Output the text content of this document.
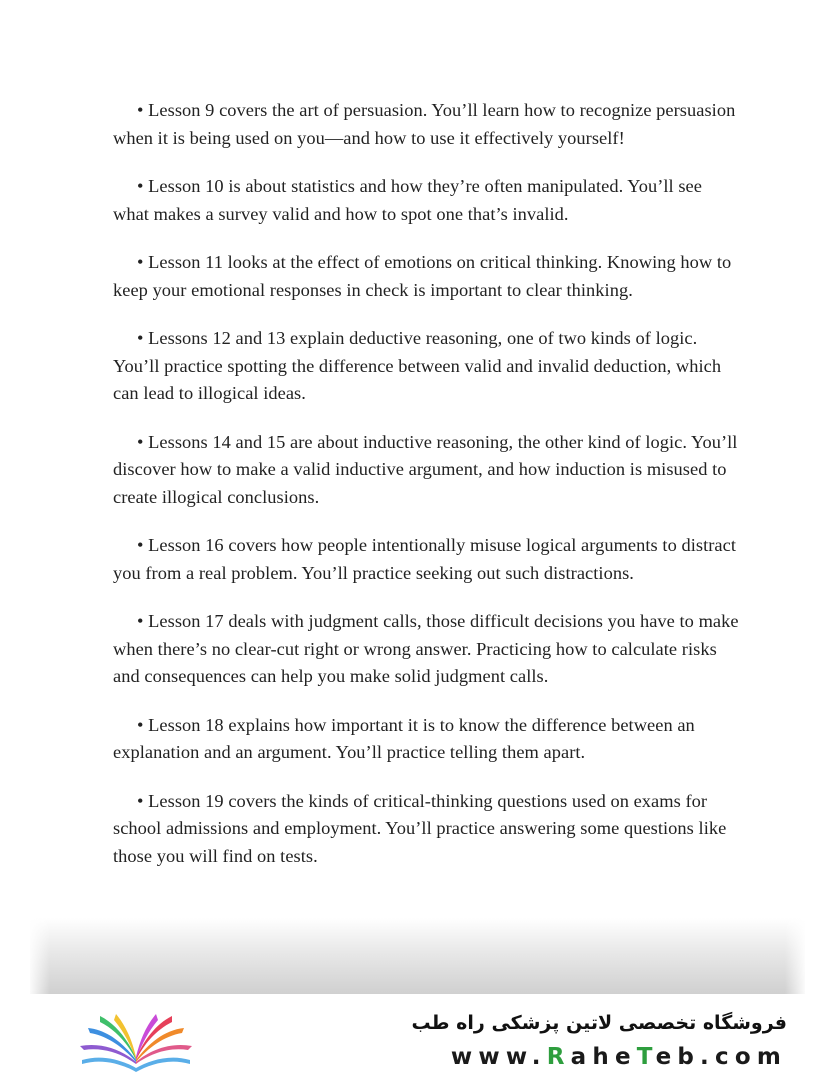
• Lesson 9 covers the art of persuasion. You’ll learn how to recognize persuasion when it is being used on you—and how to use it effectively yourself!

• Lesson 10 is about statistics and how they’re often manipulated. You’ll see what makes a survey valid and how to spot one that’s invalid.

• Lesson 11 looks at the effect of emotions on critical thinking. Knowing how to keep your emotional responses in check is important to clear thinking.

• Lessons 12 and 13 explain deductive reasoning, one of two kinds of logic. You’ll practice spotting the difference between valid and invalid deduction, which can lead to illogical ideas.

• Lessons 14 and 15 are about inductive reasoning, the other kind of logic. You’ll discover how to make a valid inductive argument, and how induction is misused to create illogical conclusions.

• Lesson 16 covers how people intentionally misuse logical arguments to distract you from a real problem. You’ll practice seeking out such distractions.

• Lesson 17 deals with judgment calls, those difficult decisions you have to make when there’s no clear-cut right or wrong answer. Practicing how to calculate risks and consequences can help you make solid judgment calls.

• Lesson 18 explains how important it is to know the difference between an explanation and an argument. You’ll practice telling them apart.

• Lesson 19 covers the kinds of critical-thinking questions used on exams for school admissions and employment. You’ll practice answering some questions like those you will find on tests.

فروشگاه تخصصی لاتین پزشکی راه طب
www.RaheTeb.com
